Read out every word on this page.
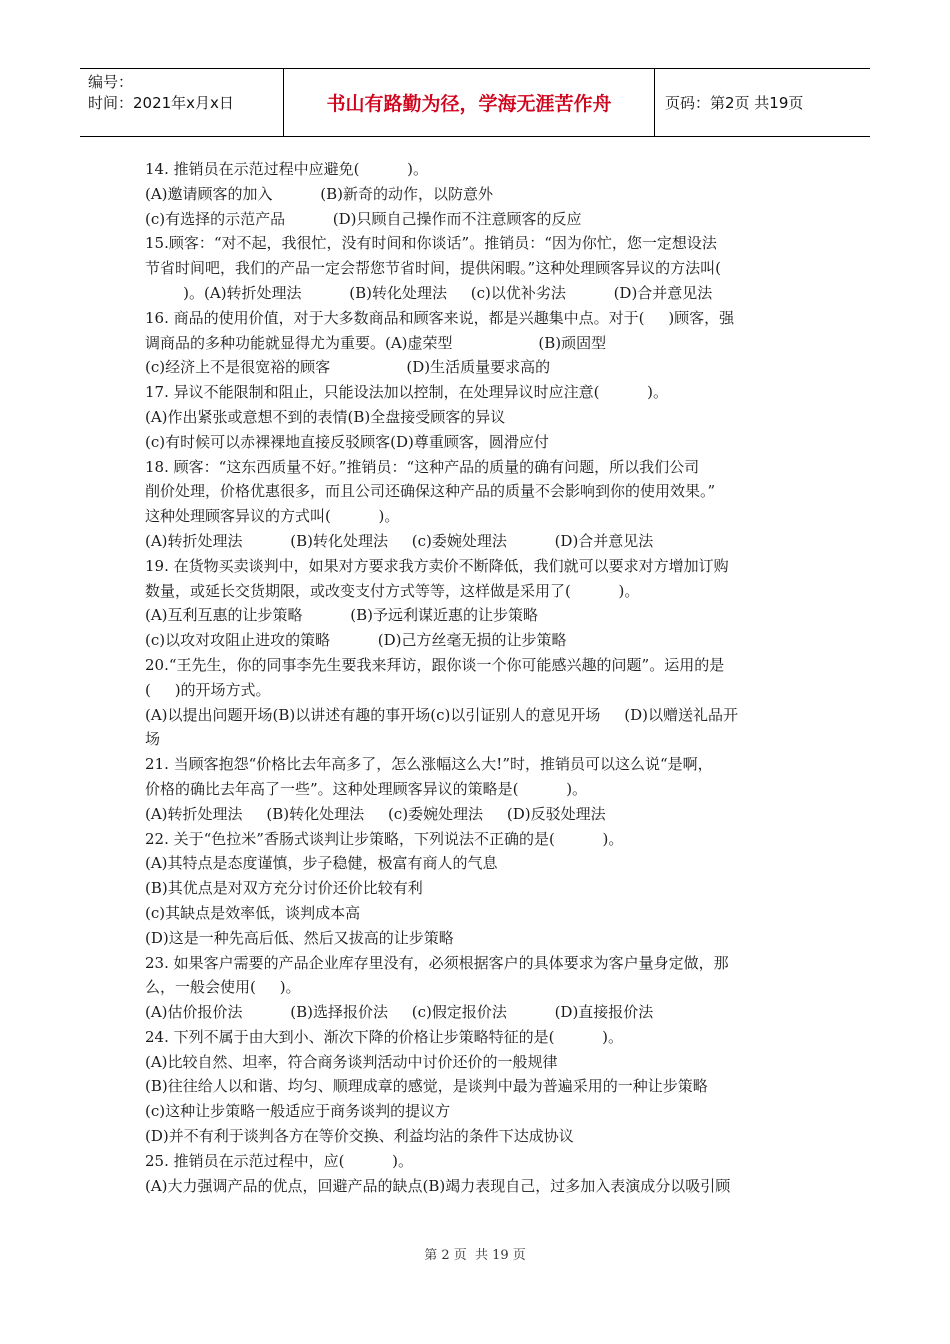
编号：
时间：2021年x月x日	书山有路勤为径，学海无涯苦作舟	页码：第2页 共19页

14. 推销员在示范过程中应避免(          )。

(A)邀请顾客的加入          (B)新奇的动作，以防意外

(c)有选择的示范产品          (D)只顾自己操作而不注意顾客的反应

15.顾客：“对不起，我很忙，没有时间和你谈话”。推销员：“因为你忙，您一定想设法

节省时间吧，我们的产品一定会帮您节省时间，提供闲暇。”这种处理顾客异议的方法叫(

)。(A)转折处理法          (B)转化处理法     (c)以优补劣法          (D)合并意见法

16. 商品的使用价值，对于大多数商品和顾客来说，都是兴趣集中点。对于(     )顾客，强

调商品的多种功能就显得尤为重要。(A)虚荣型                  (B)顽固型

(c)经济上不是很宽裕的顾客                (D)生活质量要求高的

17. 异议不能限制和阻止，只能设法加以控制，在处理异议时应注意(          )。

(A)作出紧张或意想不到的表情(B)全盘接受顾客的异议

(c)有时候可以赤裸裸地直接反驳顾客(D)尊重顾客，圆滑应付

18. 顾客：“这东西质量不好。”推销员：“这种产品的质量的确有问题，所以我们公司

削价处理，价格优惠很多，而且公司还确保这种产品的质量不会影响到你的使用效果。”

这种处理顾客异议的方式叫(          )。

(A)转折处理法          (B)转化处理法     (c)委婉处理法          (D)合并意见法

19. 在货物买卖谈判中，如果对方要求我方卖价不断降低，我们就可以要求对方增加订购

数量，或延长交货期限，或改变支付方式等等，这样做是采用了(          )。

(A)互利互惠的让步策略          (B)予远利谋近惠的让步策略

(c)以攻对攻阻止进攻的策略          (D)己方丝毫无损的让步策略

20.“王先生，你的同事李先生要我来拜访，跟你谈一个你可能感兴趣的问题”。运用的是

(     )的开场方式。

(A)以提出问题开场(B)以讲述有趣的事开场(c)以引证别人的意见开场     (D)以赠送礼品开

场

21. 当顾客抱怨“价格比去年高多了，怎么涨幅这么大!”时，推销员可以这么说“是啊，

价格的确比去年高了一些”。这种处理顾客异议的策略是(          )。

(A)转折处理法     (B)转化处理法     (c)委婉处理法     (D)反驳处理法

22. 关于“色拉米”香肠式谈判让步策略，下列说法不正确的是(          )。

(A)其特点是态度谨慎，步子稳健，极富有商人的气息

(B)其优点是对双方充分讨价还价比较有利

(c)其缺点是效率低，谈判成本高

(D)这是一种先高后低、然后又拔高的让步策略

23. 如果客户需要的产品企业库存里没有，必须根据客户的具体要求为客户量身定做，那

么，一般会使用(     )。

(A)估价报价法          (B)选择报价法     (c)假定报价法          (D)直接报价法

24. 下列不属于由大到小、渐次下降的价格让步策略特征的是(          )。

(A)比较自然、坦率，符合商务谈判活动中讨价还价的一般规律

(B)往往给人以和谐、均匀、顺理成章的感觉，是谈判中最为普遍采用的一种让步策略

(c)这种让步策略一般适应于商务谈判的提议方

(D)并不有利于谈判各方在等价交换、利益均沾的条件下达成协议

25. 推销员在示范过程中，应(          )。

(A)大力强调产品的优点，回避产品的缺点(B)竭力表现自己，过多加入表演成分以吸引顾

第 2 页  共 19 页
